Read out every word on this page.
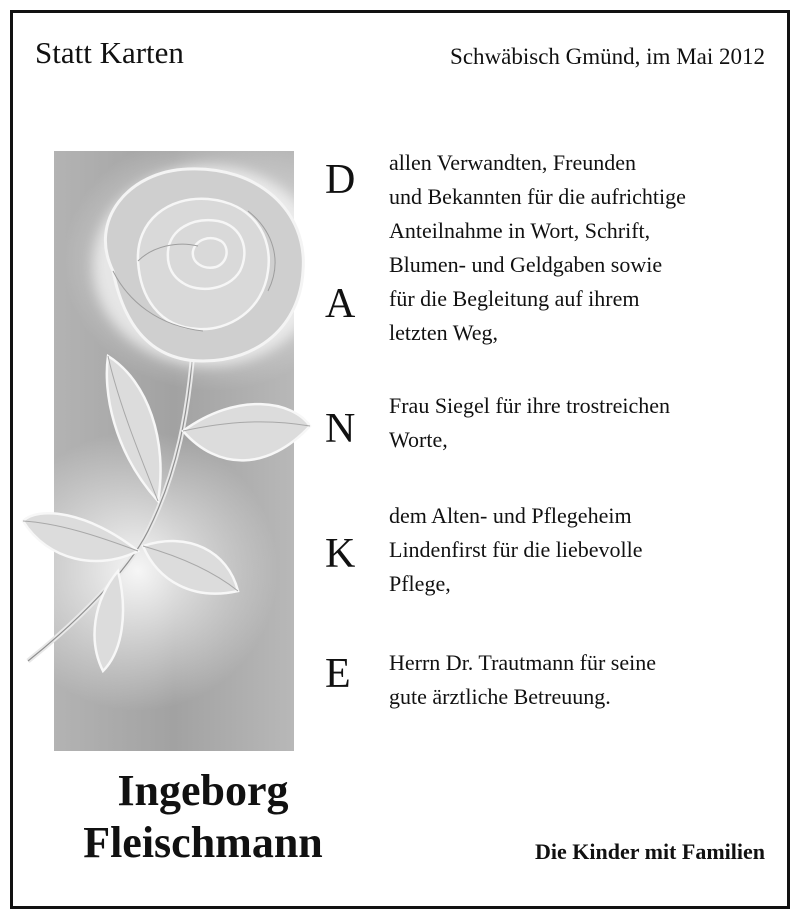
Statt Karten	Schwäbisch Gmünd, im Mai 2012
D
A
N
K
E
allen Verwandten, Freunden
und Bekannten für die aufrichtige
Anteilnahme in Wort, Schrift,
Blumen- und Geldgaben sowie
für die Begleitung auf ihrem
letzten Weg,
Frau Siegel für ihre trostreichen
Worte,
dem Alten- und Pflegeheim
Lindenfirst für die liebevolle
Pflege,
Herrn Dr. Trautmann für seine
gute ärztliche Betreuung.
Ingeborg
Fleischmann	Die Kinder mit Familien
